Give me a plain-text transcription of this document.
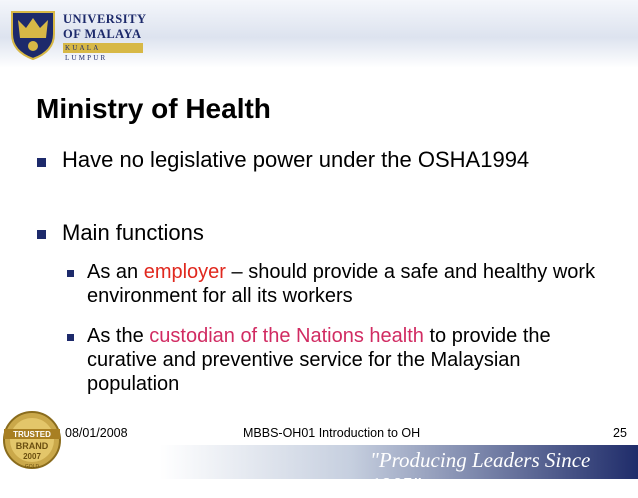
UNIVERSITY
OF MALAYA
KUALA LUMPUR
Ministry of Health
Have no legislative power under the OSHA1994
Main functions
As an employer – should provide a safe and healthy work environment for all its workers
As the custodian of the Nations health to provide the curative and preventive service for the Malaysian population
"Producing Leaders Since 1905"
TRUSTED
BRAND
2007
GOLD
08/01/2008	MBBS-OH01 Introduction to OH	25
